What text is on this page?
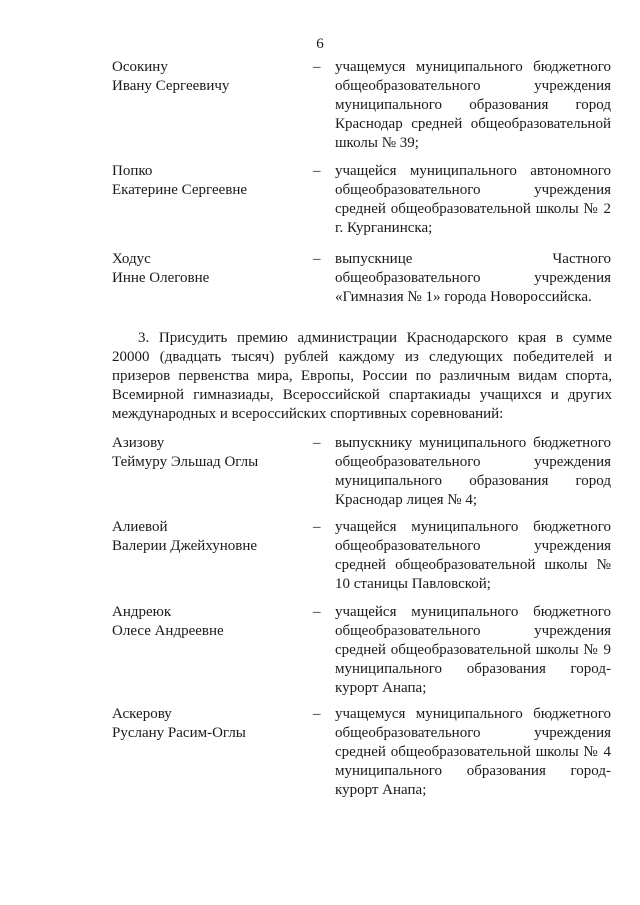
6
Осокину
Ивану Сергеевичу
– учащемуся муниципального бюджетного общеобразовательного учреждения муниципального образования город Краснодар средней общеобразовательной школы № 39;
Попко
Екатерине Сергеевне
– учащейся муниципального автономного общеобразовательного учреждения средней общеобразовательной школы № 2 г. Курганинска;
Ходус
Инне Олеговне
– выпускнице Частного общеобразовательного учреждения «Гимназия № 1» города Новороссийска.
3. Присудить премию администрации Краснодарского края в сумме 20000 (двадцать тысяч) рублей каждому из следующих победителей и призеров первенства мира, Европы, России по различным видам спорта, Всемирной гимназиады, Всероссийской спартакиады учащихся и других международных и всероссийских спортивных соревнований:
Азизову
Теймуру Эльшад Оглы
– выпускнику муниципального бюджетного общеобразовательного учреждения муниципального образования город Краснодар лицея № 4;
Алиевой
Валерии Джейхуновне
– учащейся муниципального бюджетного общеобразовательного учреждения средней общеобразовательной школы № 10 станицы Павловской;
Андреюк
Олесе Андреевне
– учащейся муниципального бюджетного общеобразовательного учреждения средней общеобразовательной школы № 9 муниципального образования город-курорт Анапа;
Аскерову
Руслану Расим-Оглы
– учащемуся муниципального бюджетного общеобразовательного учреждения средней общеобразовательной школы № 4 муниципального образования город-курорт Анапа;
